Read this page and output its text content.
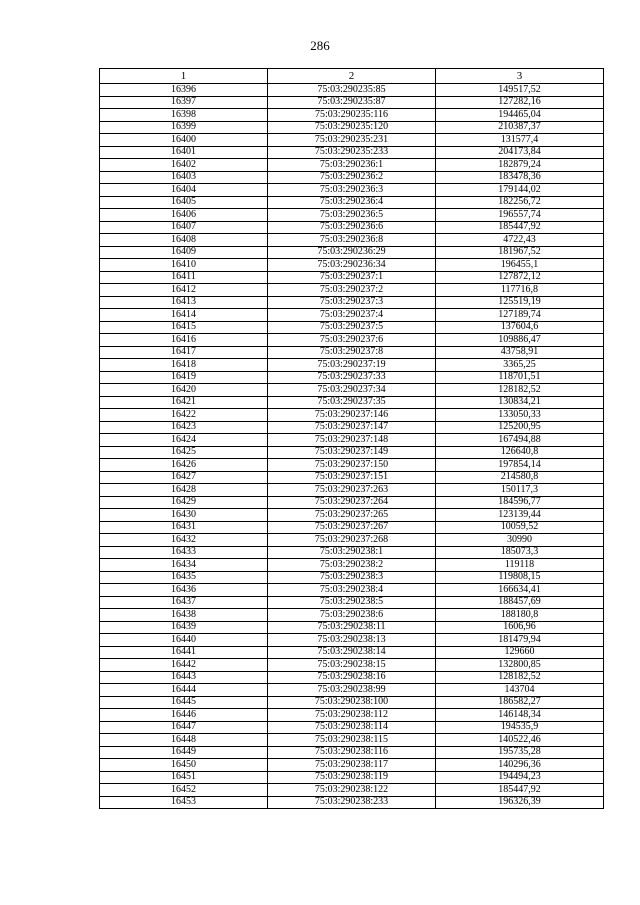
286
1	2	3
16396	75:03:290235:85	149517,52
16397	75:03:290235:87	127282,16
16398	75:03:290235:116	194465,04
16399	75:03:290235:120	210387,37
16400	75:03:290235:231	131577,4
16401	75:03:290235:233	204173,84
16402	75:03:290236:1	182879,24
16403	75:03:290236:2	183478,36
16404	75:03:290236:3	179144,02
16405	75:03:290236:4	182256,72
16406	75:03:290236:5	196557,74
16407	75:03:290236:6	185447,92
16408	75:03:290236:8	4722,43
16409	75:03:290236:29	181967,52
16410	75:03:290236:34	196455,1
16411	75:03:290237:1	127872,12
16412	75:03:290237:2	117716,8
16413	75:03:290237:3	125519,19
16414	75:03:290237:4	127189,74
16415	75:03:290237:5	137604,6
16416	75:03:290237:6	109886,47
16417	75:03:290237:8	43758,91
16418	75:03:290237:19	3365,25
16419	75:03:290237:33	118701,51
16420	75:03:290237:34	128182,52
16421	75:03:290237:35	130834,21
16422	75:03:290237:146	133050,33
16423	75:03:290237:147	125200,95
16424	75:03:290237:148	167494,88
16425	75:03:290237:149	126640,8
16426	75:03:290237:150	197854,14
16427	75:03:290237:151	214580,8
16428	75:03:290237:263	150117,3
16429	75:03:290237:264	184596,77
16430	75:03:290237:265	123139,44
16431	75:03:290237:267	10059,52
16432	75:03:290237:268	30990
16433	75:03:290238:1	185073,3
16434	75:03:290238:2	119118
16435	75:03:290238:3	119808,15
16436	75:03:290238:4	166634,41
16437	75:03:290238:5	188457,69
16438	75:03:290238:6	188180,8
16439	75:03:290238:11	1606,96
16440	75:03:290238:13	181479,94
16441	75:03:290238:14	129660
16442	75:03:290238:15	132800,85
16443	75:03:290238:16	128182,52
16444	75:03:290238:99	143704
16445	75:03:290238:100	186582,27
16446	75:03:290238:112	146148,34
16447	75:03:290238:114	194535,9
16448	75:03:290238:115	140522,46
16449	75:03:290238:116	195735,28
16450	75:03:290238:117	140296,36
16451	75:03:290238:119	194494,23
16452	75:03:290238:122	185447,92
16453	75:03:290238:233	196326,39
